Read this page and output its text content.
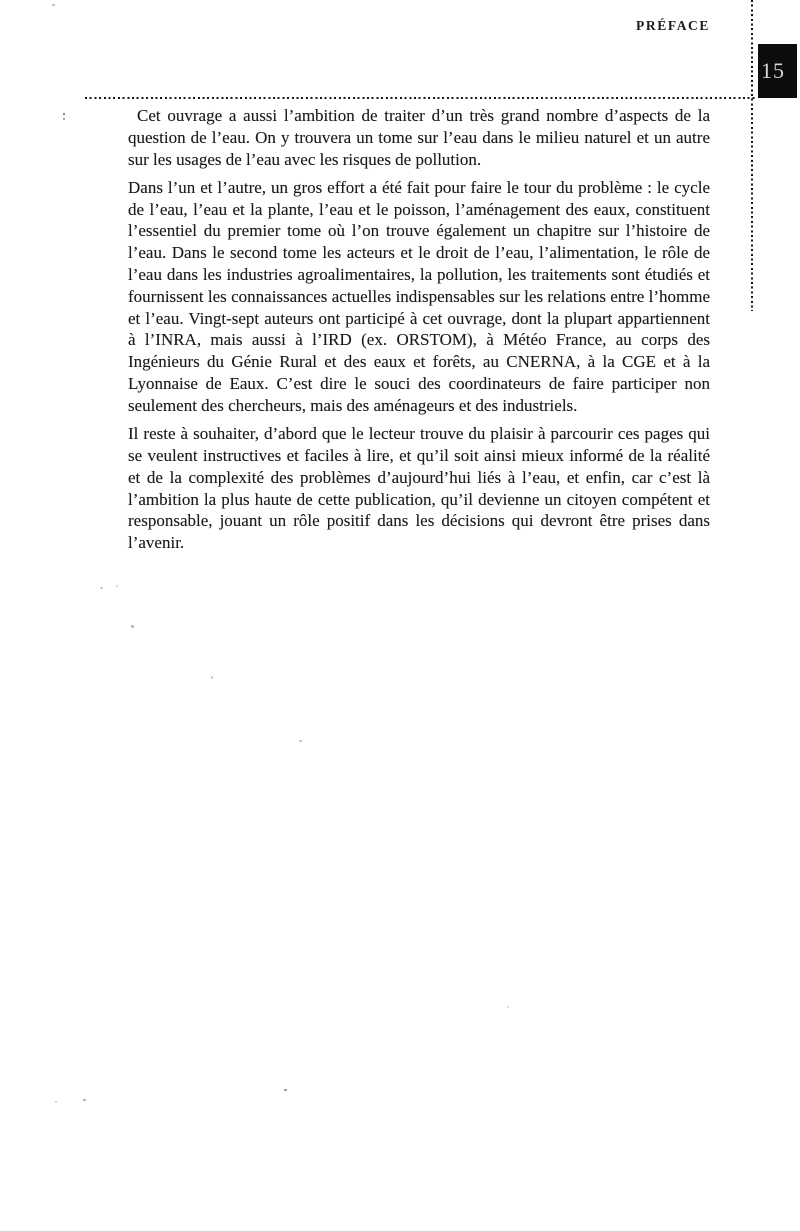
PRÉFACE
15

Cet ouvrage a aussi l’ambition de traiter d’un très grand nombre d’aspects de la question de l’eau. On y trouvera un tome sur l’eau dans le milieu naturel et un autre sur les usages de l’eau avec les risques de pollution.

Dans l’un et l’autre, un gros effort a été fait pour faire le tour du problème : le cycle de l’eau, l’eau et la plante, l’eau et le poisson, l’aménagement des eaux, constituent l’essentiel du premier tome où l’on trouve également un chapitre sur l’histoire de l’eau. Dans le second tome les acteurs et le droit de l’eau, l’alimentation, le rôle de l’eau dans les industries agroalimentaires, la pollution, les traitements sont étudiés et fournissent les connaissances actuelles indispensables sur les relations entre l’homme et l’eau. Vingt-sept auteurs ont participé à cet ouvrage, dont la plupart appartiennent à l’INRA, mais aussi à l’IRD (ex. ORSTOM), à Météo France, au corps des Ingénieurs du Génie Rural et des eaux et forêts, au CNERNA, à la CGE et à la Lyonnaise de Eaux. C’est dire le souci des coordinateurs de faire participer non seulement des chercheurs, mais des aménageurs et des industriels.

Il reste à souhaiter, d’abord que le lecteur trouve du plaisir à parcourir ces pages qui se veulent instructives et faciles à lire, et qu’il soit ainsi mieux informé de la réalité et de la complexité des problèmes d’aujourd’hui liés à l’eau, et enfin, car c’est là l’ambition la plus haute de cette publication, qu’il devienne un citoyen compétent et responsable, jouant un rôle positif dans les décisions qui devront être prises dans l’avenir.
